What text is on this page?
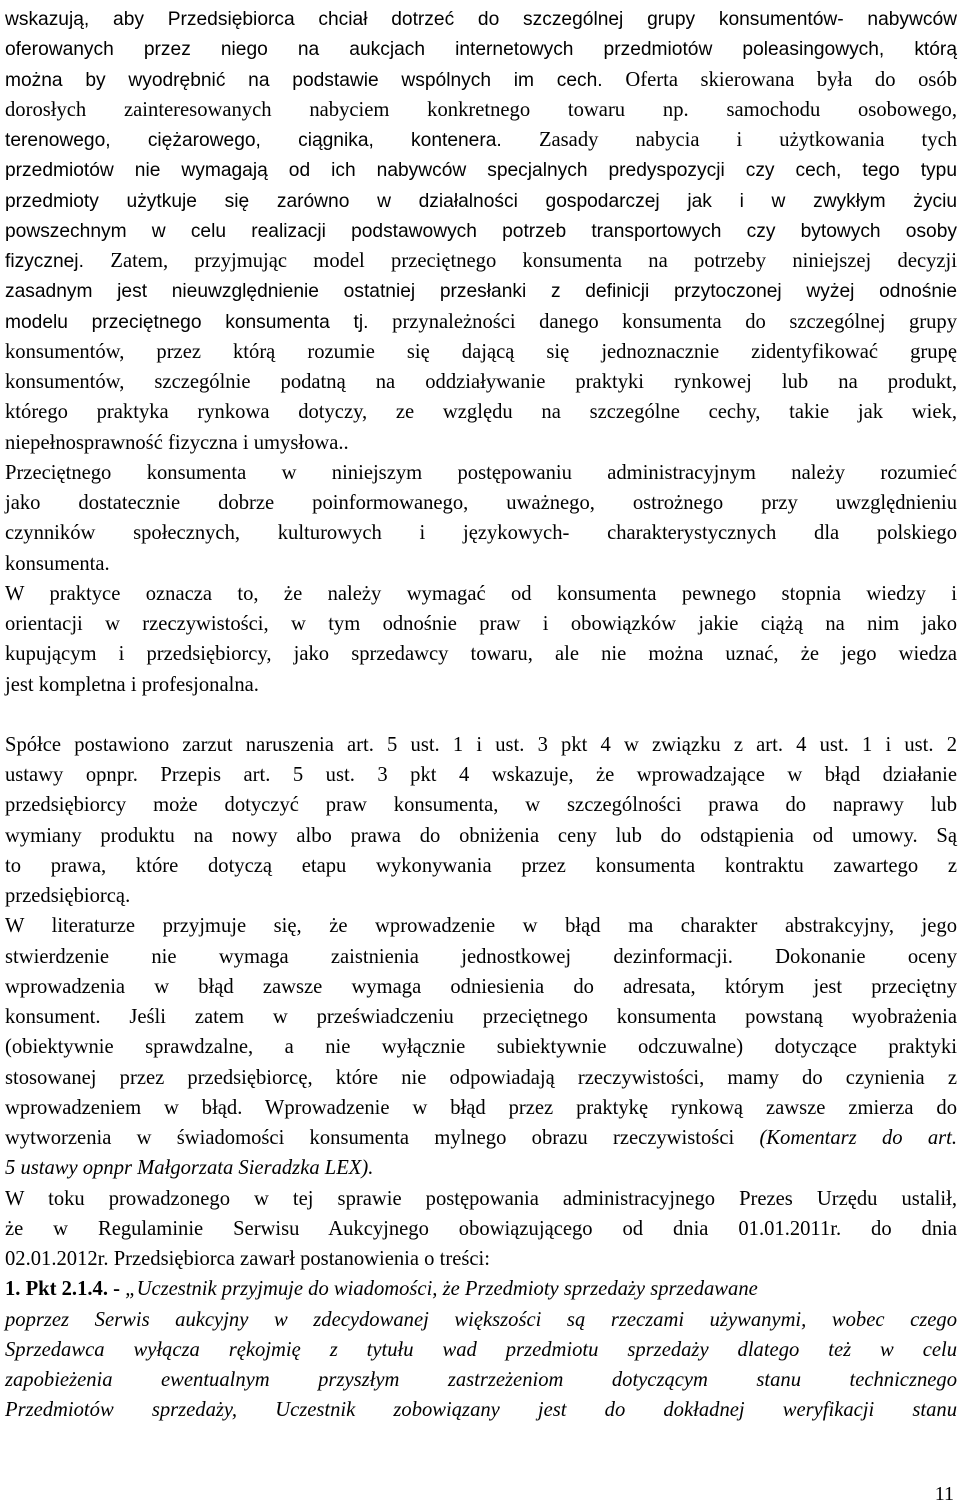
wskazują, aby Przedsiębiorca chciał dotrzeć do szczególnej grupy konsumentów- nabywców
oferowanych przez niego na aukcjach internetowych przedmiotów poleasingowych, którą
można by wyodrębnić na podstawie wspólnych im cech. Oferta skierowana była do osób
dorosłych zainteresowanych nabyciem konkretnego towaru np. samochodu osobowego,
terenowego, ciężarowego, ciągnika, kontenera. Zasady nabycia i użytkowania tych
przedmiotów nie wymagają od ich nabywców specjalnych predyspozycji czy cech, tego typu
przedmioty użytkuje się zarówno w działalności gospodarczej jak i w zwykłym życiu
powszechnym w celu realizacji podstawowych potrzeb transportowych czy bytowych osoby
fizycznej. Zatem, przyjmując model przeciętnego konsumenta na potrzeby niniejszej decyzji
zasadnym jest nieuwzględnienie ostatniej przesłanki z definicji przytoczonej wyżej odnośnie
modelu przeciętnego konsumenta tj. przynależności danego konsumenta do szczególnej grupy
konsumentów, przez którą rozumie się dającą się jednoznacznie zidentyfikować grupę
konsumentów, szczególnie podatną na oddziaływanie praktyki rynkowej lub na produkt,
którego praktyka rynkowa dotyczy, ze względu na szczególne cechy, takie jak wiek,
niepełnosprawność fizyczna i umysłowa..
Przeciętnego konsumenta w niniejszym postępowaniu administracyjnym należy rozumieć
jako dostatecznie dobrze poinformowanego, uważnego, ostrożnego przy uwzględnieniu
czynników społecznych, kulturowych i językowych- charakterystycznych dla polskiego
konsumenta.
W praktyce oznacza to, że należy wymagać od konsumenta pewnego stopnia wiedzy i
orientacji w rzeczywistości, w tym odnośnie praw i obowiązków jakie ciążą na nim jako
kupującym i przedsiębiorcy, jako sprzedawcy towaru, ale nie można uznać, że jego wiedza
jest kompletna i profesjonalna.
Spółce postawiono zarzut naruszenia art. 5 ust. 1 i ust. 3 pkt 4 w związku z art. 4 ust. 1 i ust. 2
ustawy opnpr. Przepis art. 5 ust. 3 pkt 4 wskazuje, że wprowadzające w błąd działanie
przedsiębiorcy może dotyczyć praw konsumenta, w szczególności prawa do naprawy lub
wymiany produktu na nowy albo prawa do obniżenia ceny lub do odstąpienia od umowy. Są
to prawa, które dotyczą etapu wykonywania przez konsumenta kontraktu zawartego z
przedsiębiorcą.
W literaturze przyjmuje się, że wprowadzenie w błąd ma charakter abstrakcyjny, jego
stwierdzenie nie wymaga zaistnienia jednostkowej dezinformacji. Dokonanie oceny
wprowadzenia w błąd zawsze wymaga odniesienia do adresata, którym jest przeciętny
konsument. Jeśli zatem w przeświadczeniu przeciętnego konsumenta powstaną wyobrażenia
(obiektywnie sprawdzalne, a nie wyłącznie subiektywnie odczuwalne) dotyczące praktyki
stosowanej przez przedsiębiorcę, które nie odpowiadają rzeczywistości, mamy do czynienia z
wprowadzeniem w błąd. Wprowadzenie w błąd przez praktykę rynkową zawsze zmierza do
wytworzenia w świadomości konsumenta mylnego obrazu rzeczywistości (Komentarz do art.
5 ustawy opnpr Małgorzata Sieradzka LEX).
W toku prowadzonego w tej sprawie postępowania administracyjnego Prezes Urzędu ustalił,
że w Regulaminie Serwisu Aukcyjnego obowiązującego od dnia 01.01.2011r. do dnia
02.01.2012r. Przedsiębiorca zawarł postanowienia o treści:
1. Pkt 2.1.4. - „Uczestnik przyjmuje do wiadomości, że Przedmioty sprzedaży sprzedawane
poprzez Serwis aukcyjny w zdecydowanej większości są rzeczami używanymi, wobec czego
Sprzedawca wyłącza rękojmię z tytułu wad przedmiotu sprzedaży dlatego też w celu
zapobieżenia ewentualnym przyszłym zastrzeżeniom dotyczącym stanu technicznego
Przedmiotów sprzedaży, Uczestnik zobowiązany jest do dokładnej weryfikacji stanu
11
